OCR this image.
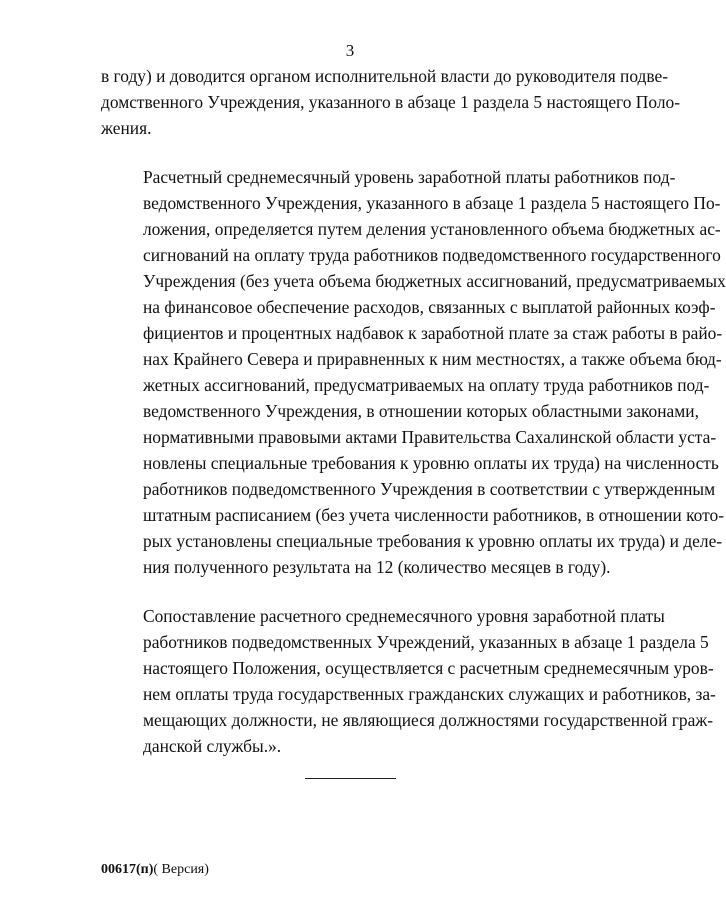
3

в году) и доводится органом исполнительной власти до руководителя подве-
домственного Учреждения, указанного в абзаце 1 раздела 5 настоящего Поло-
жения.

Расчетный среднемесячный уровень заработной платы работников под-
ведомственного Учреждения, указанного в абзаце 1 раздела 5 настоящего По-
ложения, определяется путем деления установленного объема бюджетных ас-
сигнований на оплату труда работников подведомственного государственного
Учреждения (без учета объема бюджетных ассигнований, предусматриваемых
на финансовое обеспечение расходов, связанных с выплатой районных коэф-
фициентов и процентных надбавок к заработной плате за стаж работы в райо-
нах Крайнего Севера и приравненных к ним местностях, а также объема бюд-
жетных ассигнований, предусматриваемых на оплату труда работников под-
ведомственного Учреждения, в отношении которых областными законами,
нормативными правовыми актами Правительства Сахалинской области уста-
новлены специальные требования к уровню оплаты их труда) на численность
работников подведомственного Учреждения в соответствии с утвержденным
штатным расписанием (без учета численности работников, в отношении кото-
рых установлены специальные требования к уровню оплаты их труда) и деле-
ния полученного результата на 12 (количество месяцев в году).

Сопоставление расчетного среднемесячного уровня заработной платы
работников подведомственных Учреждений, указанных в абзаце 1 раздела 5
настоящего Положения, осуществляется с расчетным среднемесячным уров-
нем оплаты труда государственных гражданских служащих и работников, за-
мещающих должности, не являющиеся должностями государственной граж-
данской службы.».

00617(п)( Версия)
